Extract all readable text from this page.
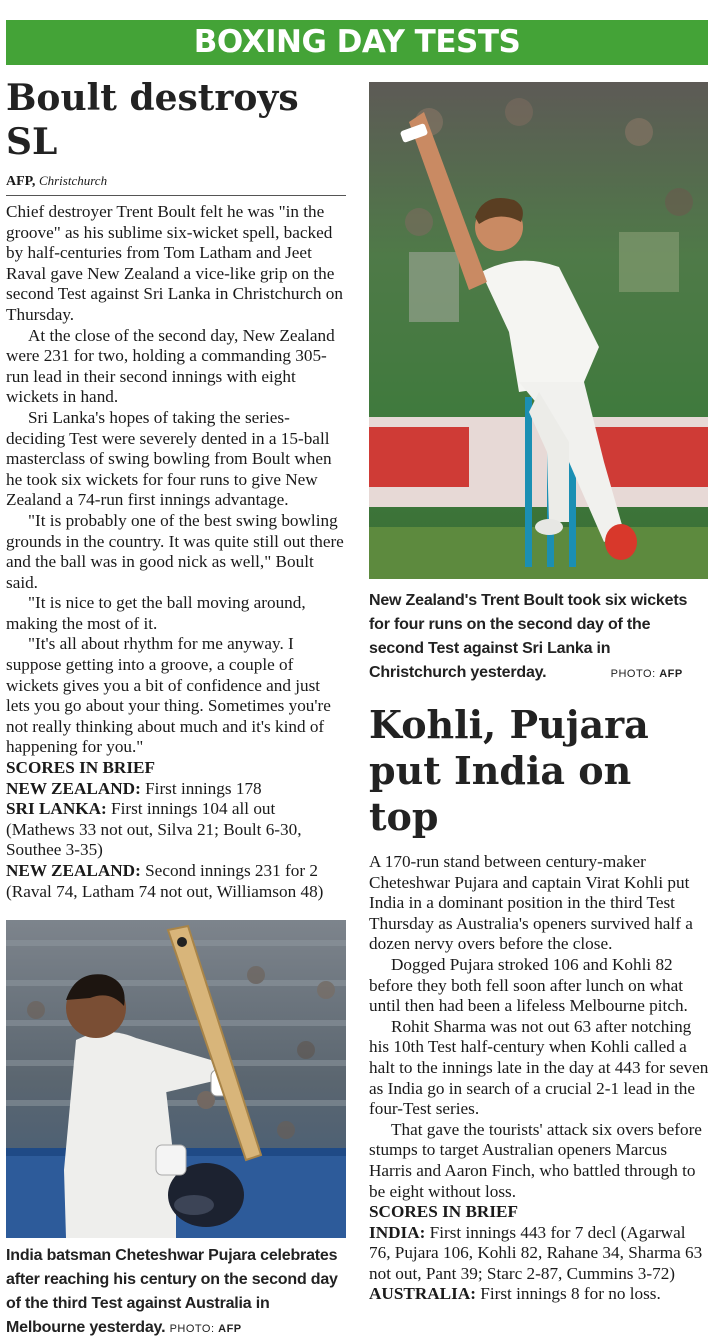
BOXING DAY TESTS
Boult destroys SL
AFP, Christchurch

Chief destroyer Trent Boult felt he was "in the groove" as his sublime six-wicket spell, backed by half-centuries from Tom Latham and Jeet Raval gave New Zealand a vice-like grip on the second Test against Sri Lanka in Christchurch on Thursday.

At the close of the second day, New Zealand were 231 for two, holding a commanding 305-run lead in their second innings with eight wickets in hand.

Sri Lanka's hopes of taking the series-deciding Test were severely dented in a 15-ball masterclass of swing bowling from Boult when he took six wickets for four runs to give New Zealand a 74-run first innings advantage.

"It is probably one of the best swing bowling grounds in the country. It was quite still out there and the ball was in good nick as well," Boult said.

"It is nice to get the ball moving around, making the most of it.

"It's all about rhythm for me anyway. I suppose getting into a groove, a couple of wickets gives you a bit of confidence and just lets you go about your thing. Sometimes you're not really thinking about much and it's kind of happening for you."

SCORES IN BRIEF

NEW ZEALAND: First innings 178

SRI LANKA: First innings 104 all out (Mathews 33 not out, Silva 21; Boult 6-30, Southee 3-35)

NEW ZEALAND: Second innings 231 for 2 (Raval 74, Latham 74 not out, Williamson 48)

India batsman Cheteshwar Pujara celebrates after reaching his century on the second day of the third Test against Australia in Melbourne yesterday. PHOTO: AFP
New Zealand's Trent Boult took six wickets for four runs on the second day of the second Test against Sri Lanka in Christchurch yesterday.	PHOTO: AFP
Kohli, Pujara put India on top

A 170-run stand between century-maker Cheteshwar Pujara and captain Virat Kohli put India in a dominant position in the third Test Thursday as Australia's openers survived half a dozen nervy overs before the close.

Dogged Pujara stroked 106 and Kohli 82 before they both fell soon after lunch on what until then had been a lifeless Melbourne pitch.

Rohit Sharma was not out 63 after notching his 10th Test half-century when Kohli called a halt to the innings late in the day at 443 for seven as India go in search of a crucial 2-1 lead in the four-Test series.

That gave the tourists' attack six overs before stumps to target Australian openers Marcus Harris and Aaron Finch, who battled through to be eight without loss.

SCORES IN BRIEF

INDIA: First innings 443 for 7 decl (Agarwal 76, Pujara 106, Kohli 82, Rahane 34, Sharma 63 not out, Pant 39; Starc 2-87, Cummins 3-72)

AUSTRALIA: First innings 8 for no loss.
